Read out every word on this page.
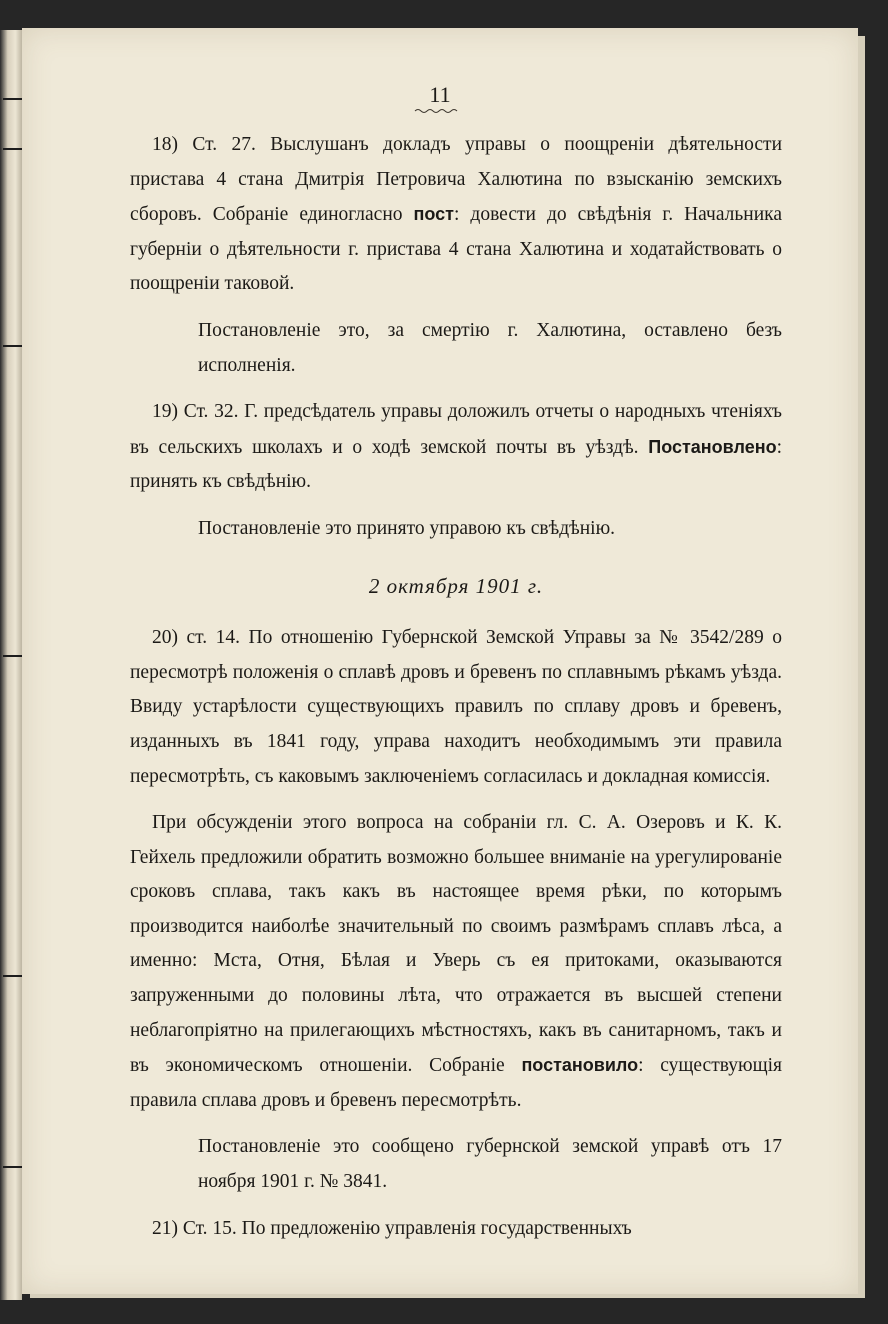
11

18) Ст. 27. Выслушанъ докладъ управы о поощреніи дѣятельности пристава 4 стана Дмитрія Петровича Халютина по взысканію земскихъ сборовъ. Собраніе единогласно пост: довести до свѣдѣнія г. Начальника губерніи о дѣятельности г. пристава 4 стана Халютина и ходатайствовать о поощреніи таковой.

Постановленіе это, за смертію г. Халютина, оставлено безъ исполненія.

19) Ст. 32. Г. предсѣдатель управы доложилъ отчеты о народныхъ чтеніяхъ въ сельскихъ школахъ и о ходѣ земской почты въ уѣздѣ. Постановлено: принять къ свѣдѣнію.

Постановленіе это принято управою къ свѣдѣнію.

2 октября 1901 г.

20) ст. 14. По отношенію Губернской Земской Управы за № 3542/289 о пересмотрѣ положенія о сплавѣ дровъ и бревенъ по сплавнымъ рѣкамъ уѣзда. Ввиду устарѣлости существующихъ правилъ по сплаву дровъ и бревенъ, изданныхъ въ 1841 году, управа находитъ необходимымъ эти правила пересмотрѣть, съ каковымъ заключеніемъ согласилась и докладная комиссія.

При обсужденіи этого вопроса на собраніи гл. С. А. Озеровъ и К. К. Гейхель предложили обратить возможно большее вниманіе на урегулированіе сроковъ сплава, такъ какъ въ настоящее время рѣки, по которымъ производится наиболѣе значительный по своимъ размѣрамъ сплавъ лѣса, а именно: Мста, Отня, Бѣлая и Уверь съ ея притоками, оказываются запруженными до половины лѣта, что отражается въ высшей степени неблагопріятно на прилегающихъ мѣстностяхъ, какъ въ санитарномъ, такъ и въ экономическомъ отношеніи. Собраніе постановило: существующія правила сплава дровъ и бревенъ пересмотрѣть.

Постановленіе это сообщено губернской земской управѣ отъ 17 ноября 1901 г. № 3841.

21) Ст. 15. По предложенію управленія государственныхъ
